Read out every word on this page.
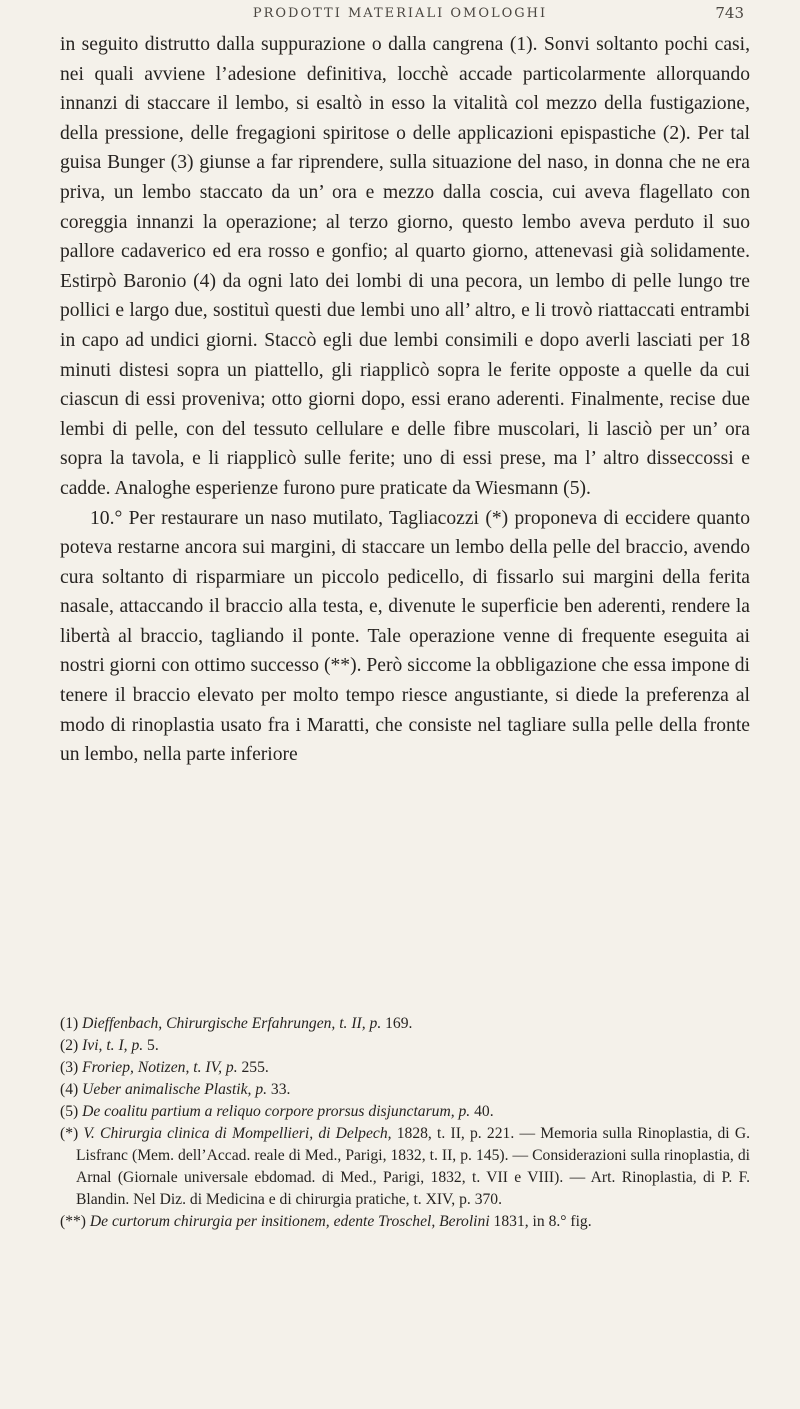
PRODOTTI MATERIALI OMOLOGHI	743

in seguito distrutto dalla suppurazione o dalla cangrena (1). Sonvi soltanto pochi casi, nei quali avviene l’adesione definitiva, locchè accade particolarmente allorquando innanzi di staccare il lembo, si esaltò in esso la vitalità col mezzo della fustigazione, della pressione, delle fregagioni spiritose o delle applicazioni epispastiche (2). Per tal guisa Bunger (3) giunse a far riprendere, sulla situazione del naso, in donna che ne era priva, un lembo staccato da un’ ora e mezzo dalla coscia, cui aveva flagellato con coreggia innanzi la operazione; al terzo giorno, questo lembo aveva perduto il suo pallore cadaverico ed era rosso e gonfio; al quarto giorno, attenevasi già solidamente. Estirpò Baronio (4) da ogni lato dei lombi di una pecora, un lembo di pelle lungo tre pollici e largo due, sostituì questi due lembi uno all’ altro, e li trovò riattaccati entrambi in capo ad undici giorni. Staccò egli due lembi consimili e dopo averli lasciati per 18 minuti distesi sopra un piattello, gli riapplicò sopra le ferite opposte a quelle da cui ciascun di essi proveniva; otto giorni dopo, essi erano aderenti. Finalmente, recise due lembi di pelle, con del tessuto cellulare e delle fibre muscolari, li lasciò per un’ ora sopra la tavola, e li riapplicò sulle ferite; uno di essi prese, ma l’ altro disseccossi e cadde. Analoghe esperienze furono pure praticate da Wiesmann (5).

10.° Per restaurare un naso mutilato, Tagliacozzi (*) proponeva di eccidere quanto poteva restarne ancora sui margini, di staccare un lembo della pelle del braccio, avendo cura soltanto di risparmiare un piccolo pedicello, di fissarlo sui margini della ferita nasale, attaccando il braccio alla testa, e, divenute le superficie ben aderenti, rendere la libertà al braccio, tagliando il ponte. Tale operazione venne di frequente eseguita ai nostri giorni con ottimo successo (**). Però siccome la obbligazione che essa impone di tenere il braccio elevato per molto tempo riesce angustiante, si diede la preferenza al modo di rinoplastia usato fra i Maratti, che consiste nel tagliare sulla pelle della fronte un lembo, nella parte inferiore

(1) Dieffenbach, Chirurgische Erfahrungen, t. II, p. 169.

(2) Ivi, t. I, p. 5.

(3) Froriep, Notizen, t. IV, p. 255.

(4) Ueber animalische Plastik, p. 33.

(5) De coalitu partium a reliquo corpore prorsus disjunctarum, p. 40.

(*) V. Chirurgia clinica di Mompellieri, di Delpech, 1828, t. II, p. 221. — Memoria sulla Rinoplastia, di G. Lisfranc (Mem. dell’Accad. reale di Med., Parigi, 1832, t. II, p. 145). — Considerazioni sulla rinoplastia, di Arnal (Giornale universale ebdomad. di Med., Parigi, 1832, t. VII e VIII). — Art. Rinoplastia, di P. F. Blandin. Nel Diz. di Medicina e di chirurgia pratiche, t. XIV, p. 370.

(**) De curtorum chirurgia per insitionem, edente Troschel, Berolini 1831, in 8.° fig.
